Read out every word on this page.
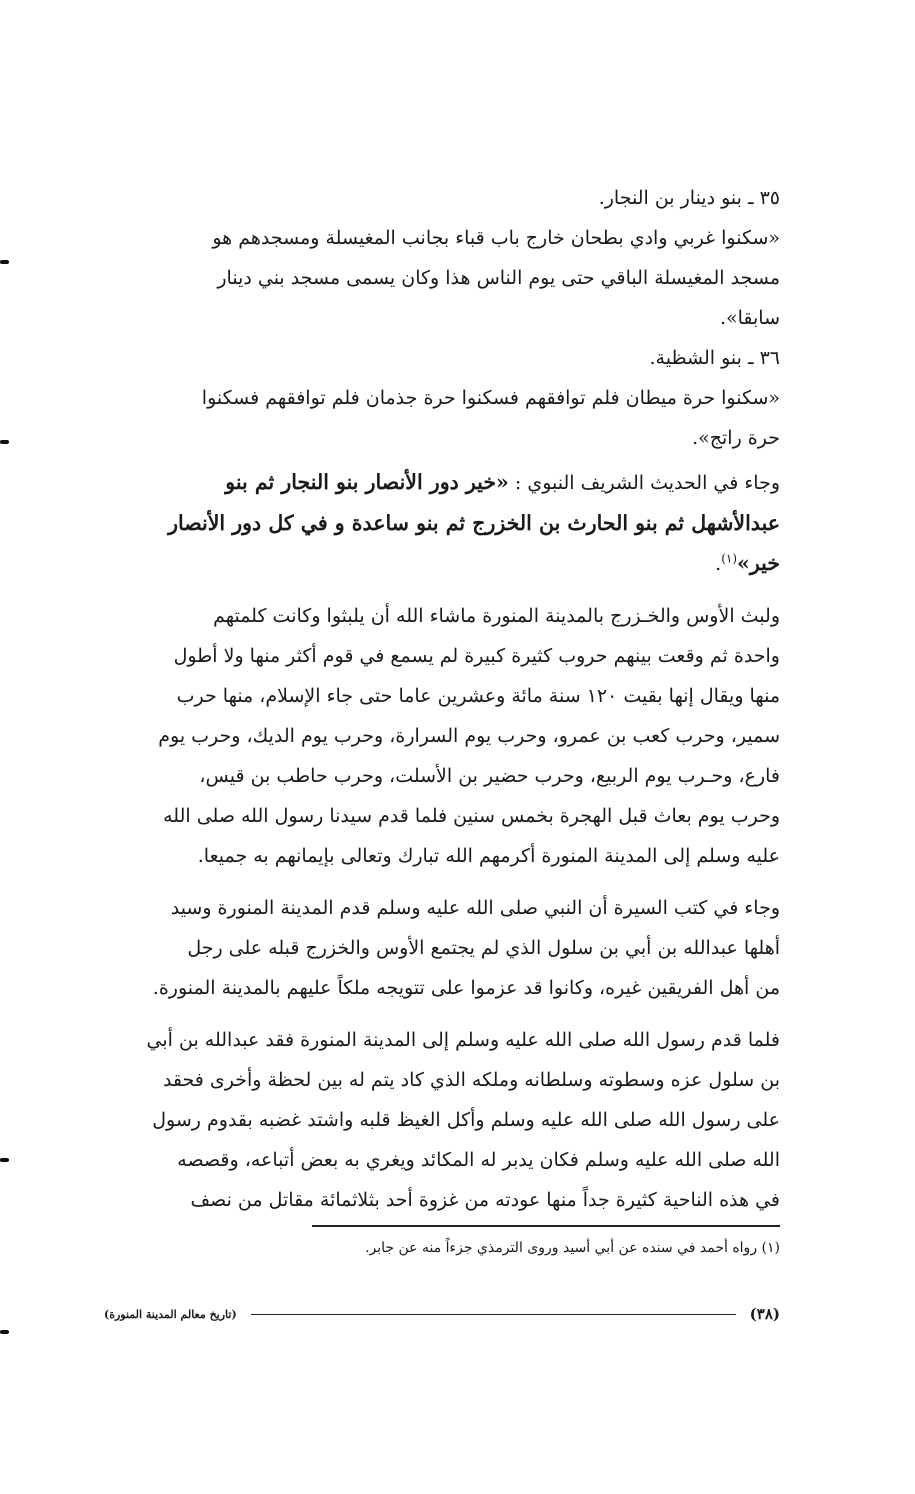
٣٥ ـ بنو دينار بن النجار.
«سكنوا غربي وادي بطحان خارج باب قباء بجانب المغيسلة ومسجدهم هو
مسجد المغيسلة الباقي حتى يوم الناس هذا وكان يسمى مسجد بني دينار
سابقا».
٣٦ ـ بنو الشظية.
«سكنوا حرة ميطان فلم توافقهم فسكنوا حرة جذمان فلم توافقهم فسكنوا
حرة راتج».
وجاء في الحديث الشريف النبوي : «خير دور الأنصار بنو النجار ثم بنو
عبدالأشهل ثم بنو الحارث بن الخزرج ثم بنو ساعدة و في كل دور الأنصار
خير»$^{(١)}$.
ولبث الأوس والخـزرج بالمدينة المنورة ماشاء الله أن يلبثوا وكانت كلمتهم
واحدة ثم وقعت بينهم حروب كثيرة كبيرة لم يسمع في قوم أكثر منها ولا أطول
منها ويقال إنها بقيت ١٢٠ سنة مائة وعشرين عاما حتى جاء الإسلام، منها حرب
سمير، وحرب كعب بن عمرو، وحرب يوم السرارة، وحرب يوم الديك، وحرب يوم
فارع، وحـرب يوم الربيع، وحرب حضير بن الأسلت، وحرب حاطب بن قيس،
وحرب يوم بعاث قبل الهجرة بخمس سنين فلما قدم سيدنا رسول الله صلى الله
عليه وسلم إلى المدينة المنورة أكرمهم الله تبارك وتعالى بإيمانهم به جميعا.
وجاء في كتب السيرة أن النبي صلى الله عليه وسلم قدم المدينة المنورة وسيد
أهلها عبدالله بن أبي بن سلول الذي لم يجتمع الأوس والخزرج قبله على رجل
من أهل الفريقين غيره، وكانوا قد عزموا على تتويجه ملكاً عليهم بالمدينة المنورة.
فلما قدم رسول الله صلى الله عليه وسلم إلى المدينة المنورة فقد عبدالله بن أبي
بن سلول عزه وسطوته وسلطانه وملكه الذي كاد يتم له بين لحظة وأخرى فحقد
على رسول الله صلى الله عليه وسلم وأكل الغيظ قلبه واشتد غضبه بقدوم رسول
الله صلى الله عليه وسلم فكان يدبر له المكائد ويغري به بعض أتباعه، وقصصه
في هذه الناحية كثيرة جداً منها عودته من غزوة أحد بثلاثمائة مقاتل من نصف
(١) رواه أحمد في سنده عن أبي أسيد وروى الترمذي جزءاً منه عن جابر.
(٣٨)
(تاريخ معالم المدينة المنورة)
